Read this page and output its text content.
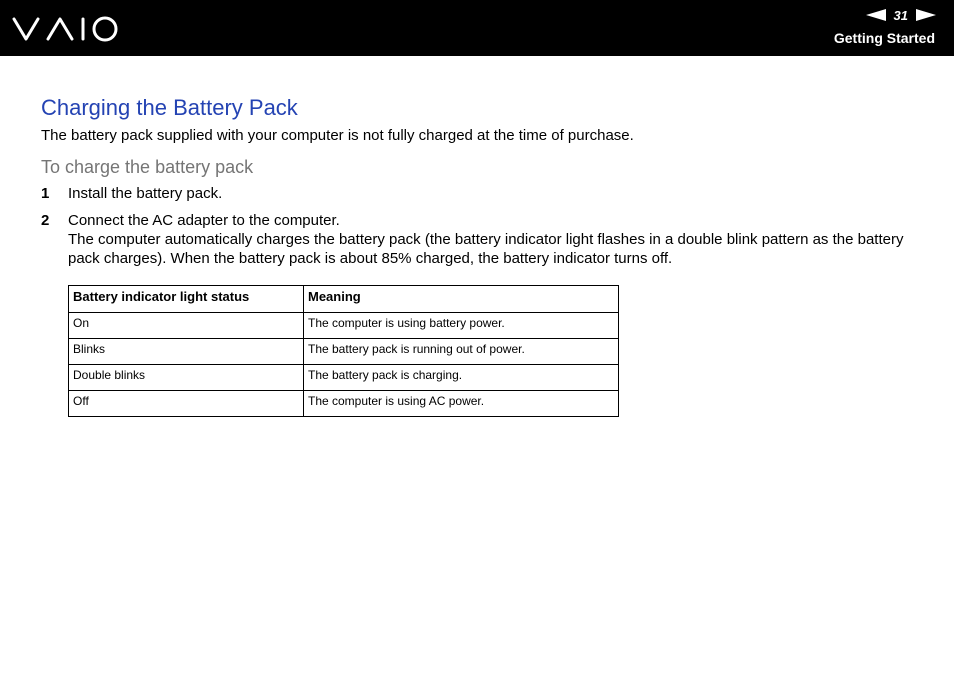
31
Getting Started
Charging the Battery Pack

The battery pack supplied with your computer is not fully charged at the time of purchase.

To charge the battery pack
1 Install the battery pack.

2 Connect the AC adapter to the computer.

The computer automatically charges the battery pack (the battery indicator light flashes in a double blink pattern as the battery pack charges). When the battery pack is about 85% charged, the battery indicator turns off.

Battery indicator light status	Meaning
On	The computer is using battery power.
Blinks	The battery pack is running out of power.
Double blinks	The battery pack is charging.
Off	The computer is using AC power.
